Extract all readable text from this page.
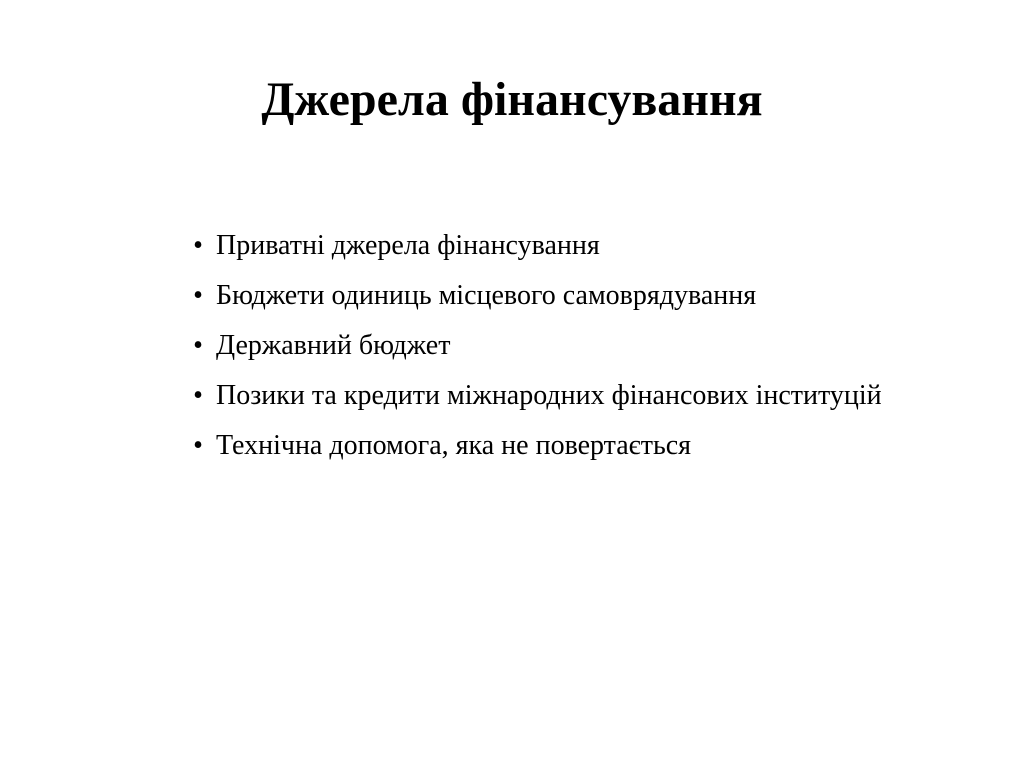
Джерела фінансування
• Приватні джерела фінансування
• Бюджети одиниць місцевого самоврядування
• Державний бюджет
• Позики та кредити міжнародних фінансових інституцій
• Технічна допомога, яка не повертається
